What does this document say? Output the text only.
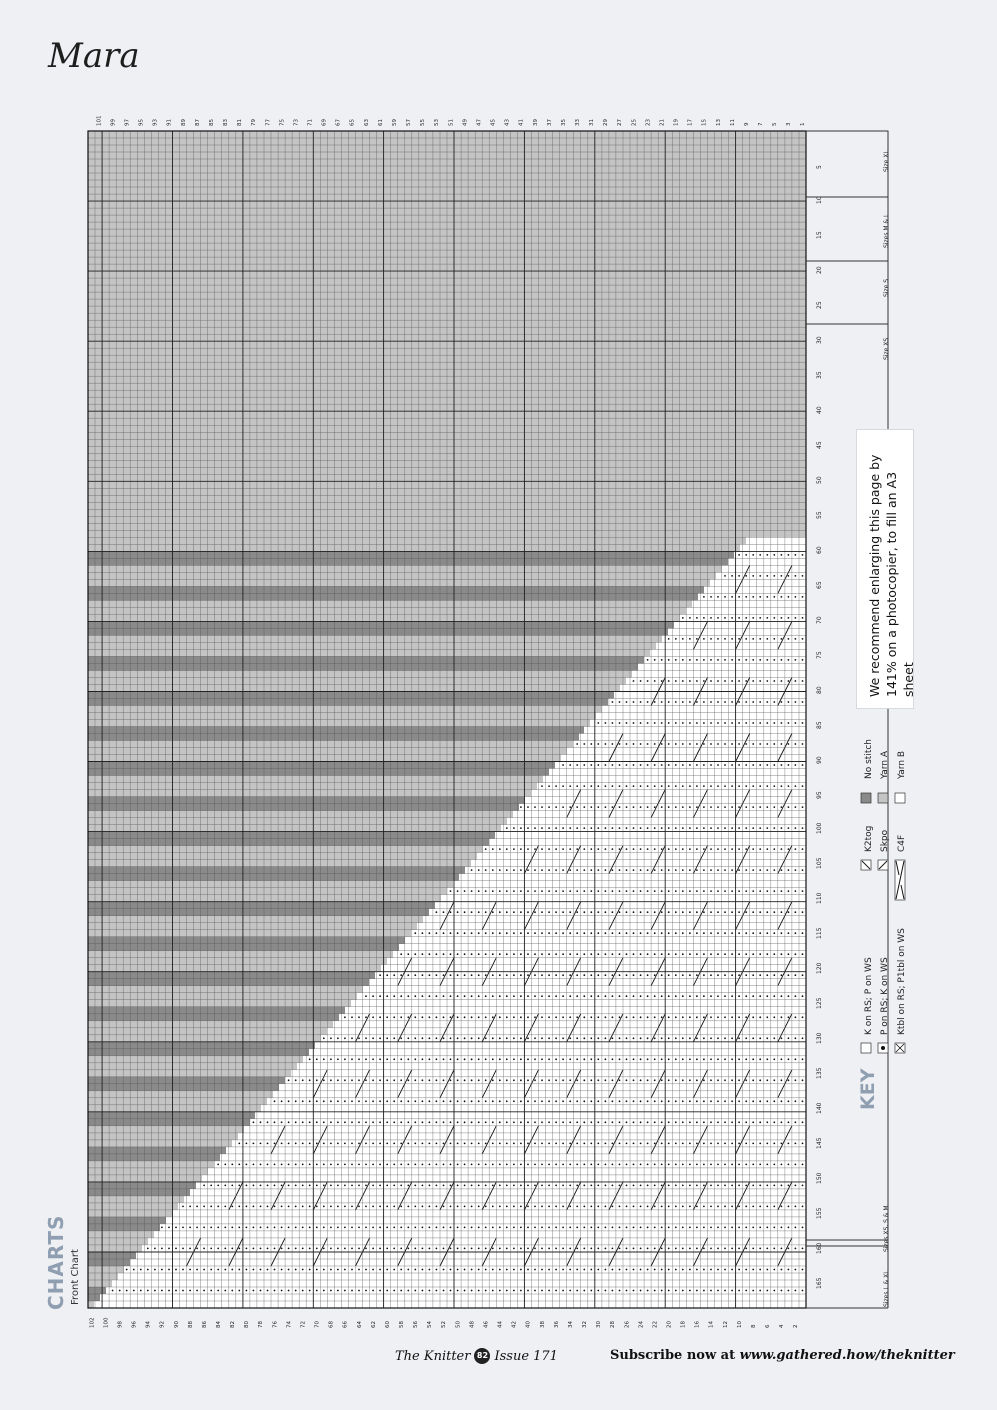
Mara
101 99 97 95 93 91 89 87 85 83 81 79 77 75 73 71 69 67 65 63 61 59 57 55 53 51 49 47 45 43 41 39 37 35 33 31 29 27 25 23 21 19 17 15 13 11 9 7 5 3 1
102 100 98 96 94 92 90 88 86 84 82 80 78 76 74 72 70 68 66 64 62 60 58 56 54 52 50 48 46 44 42 40 38 36 34 32 30 28 26 24 22 20 18 16 14 12 10 8 6 4 2
5
10
15
20
25
30
35
40
45
50
55
60
65
70
75
80
85
90
95
100
105
110
115
120
125
130
135
140
145
150
155
160
165
CHARTS Front Chart
We recommend enlarging this page by 141% on a photocopier, to fill an A3 sheet
KEY
K on RS; P on WS P on RS; K on WS Ktbl on RS; P1tbl on WS
K2tog Skpo C4F
No stitch Yarn A Yarn B
Size XL
Sizes M & L
Size S
Size XS
Sizes XS, S & M
Sizes L & XL
The Knitter 82 Issue 171	Subscribe now at www.gathered.how/theknitter
